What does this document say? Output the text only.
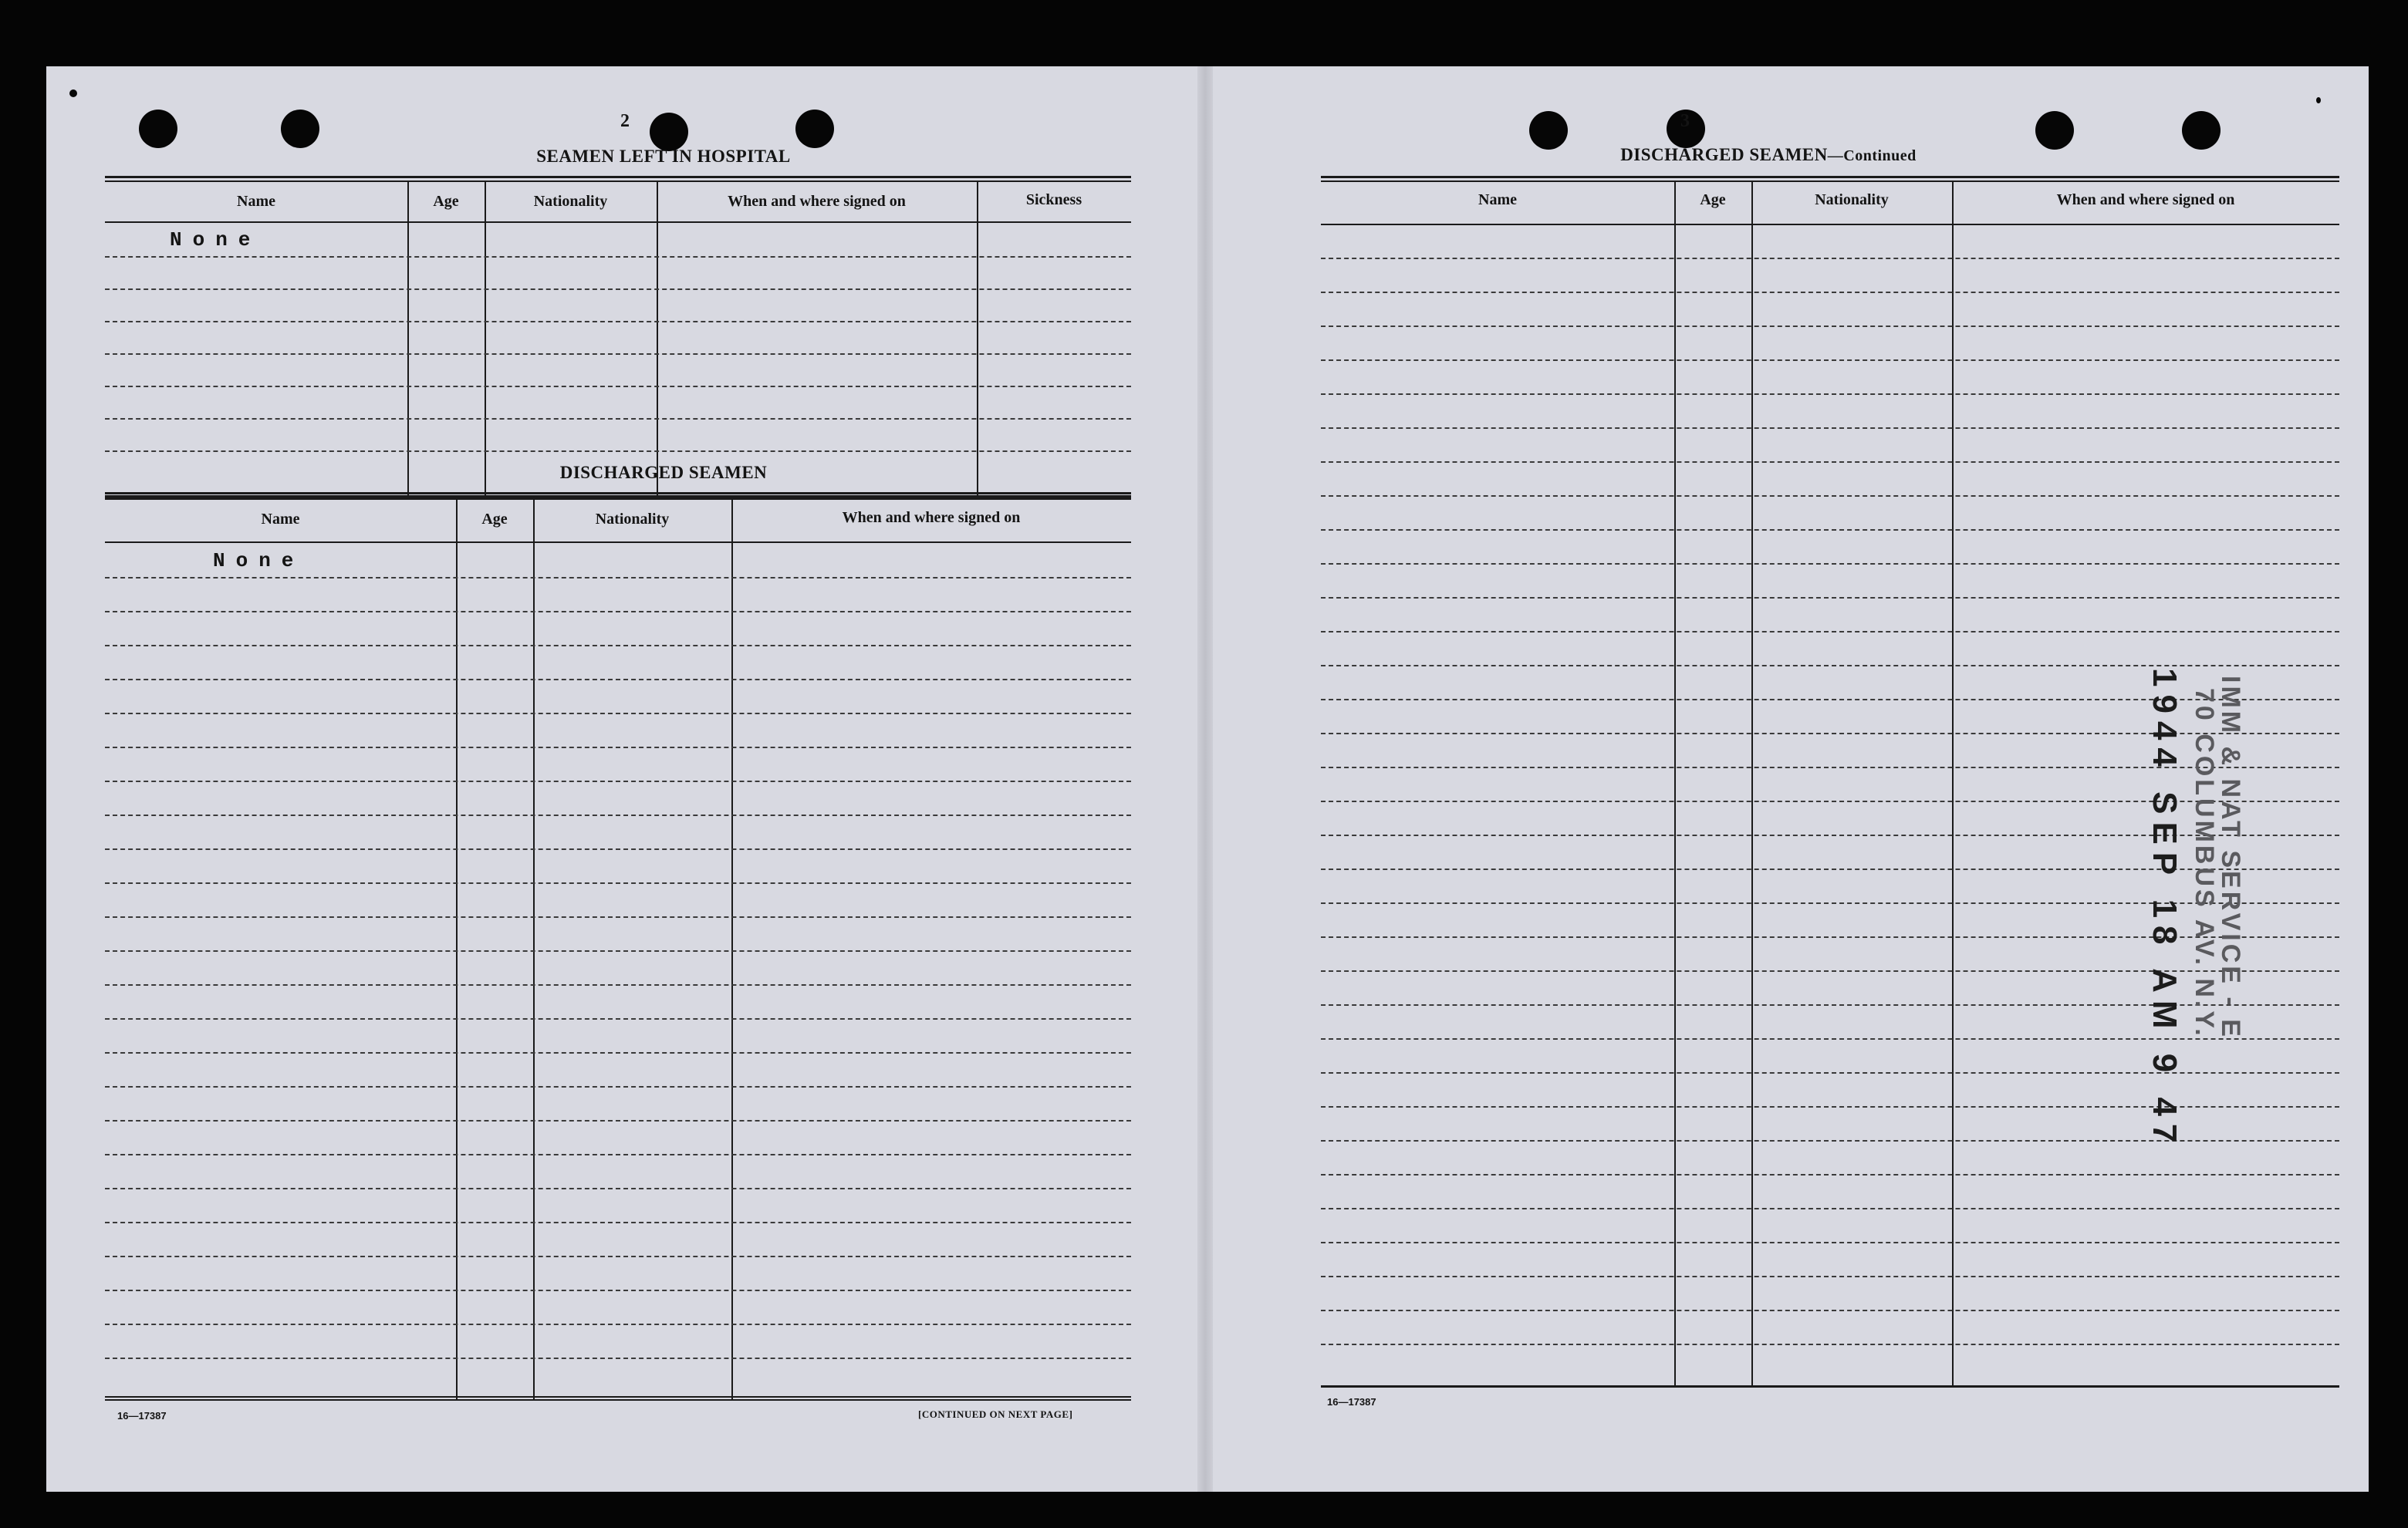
2
SEAMEN LEFT IN HOSPITAL
Name	Age	Nationality	When and where signed on	Sickness
None
DISCHARGED SEAMEN
Name	Age	Nationality	When and where signed on
None
16—17387	[CONTINUED ON NEXT PAGE]
3
DISCHARGED SEAMEN—Continued
Name	Age	Nationality	When and where signed on
16—17387
1944 SEP 18 AM 9 47 IMM & NAT SERVICE - E
70 COLUMBUS AV. N.Y.
